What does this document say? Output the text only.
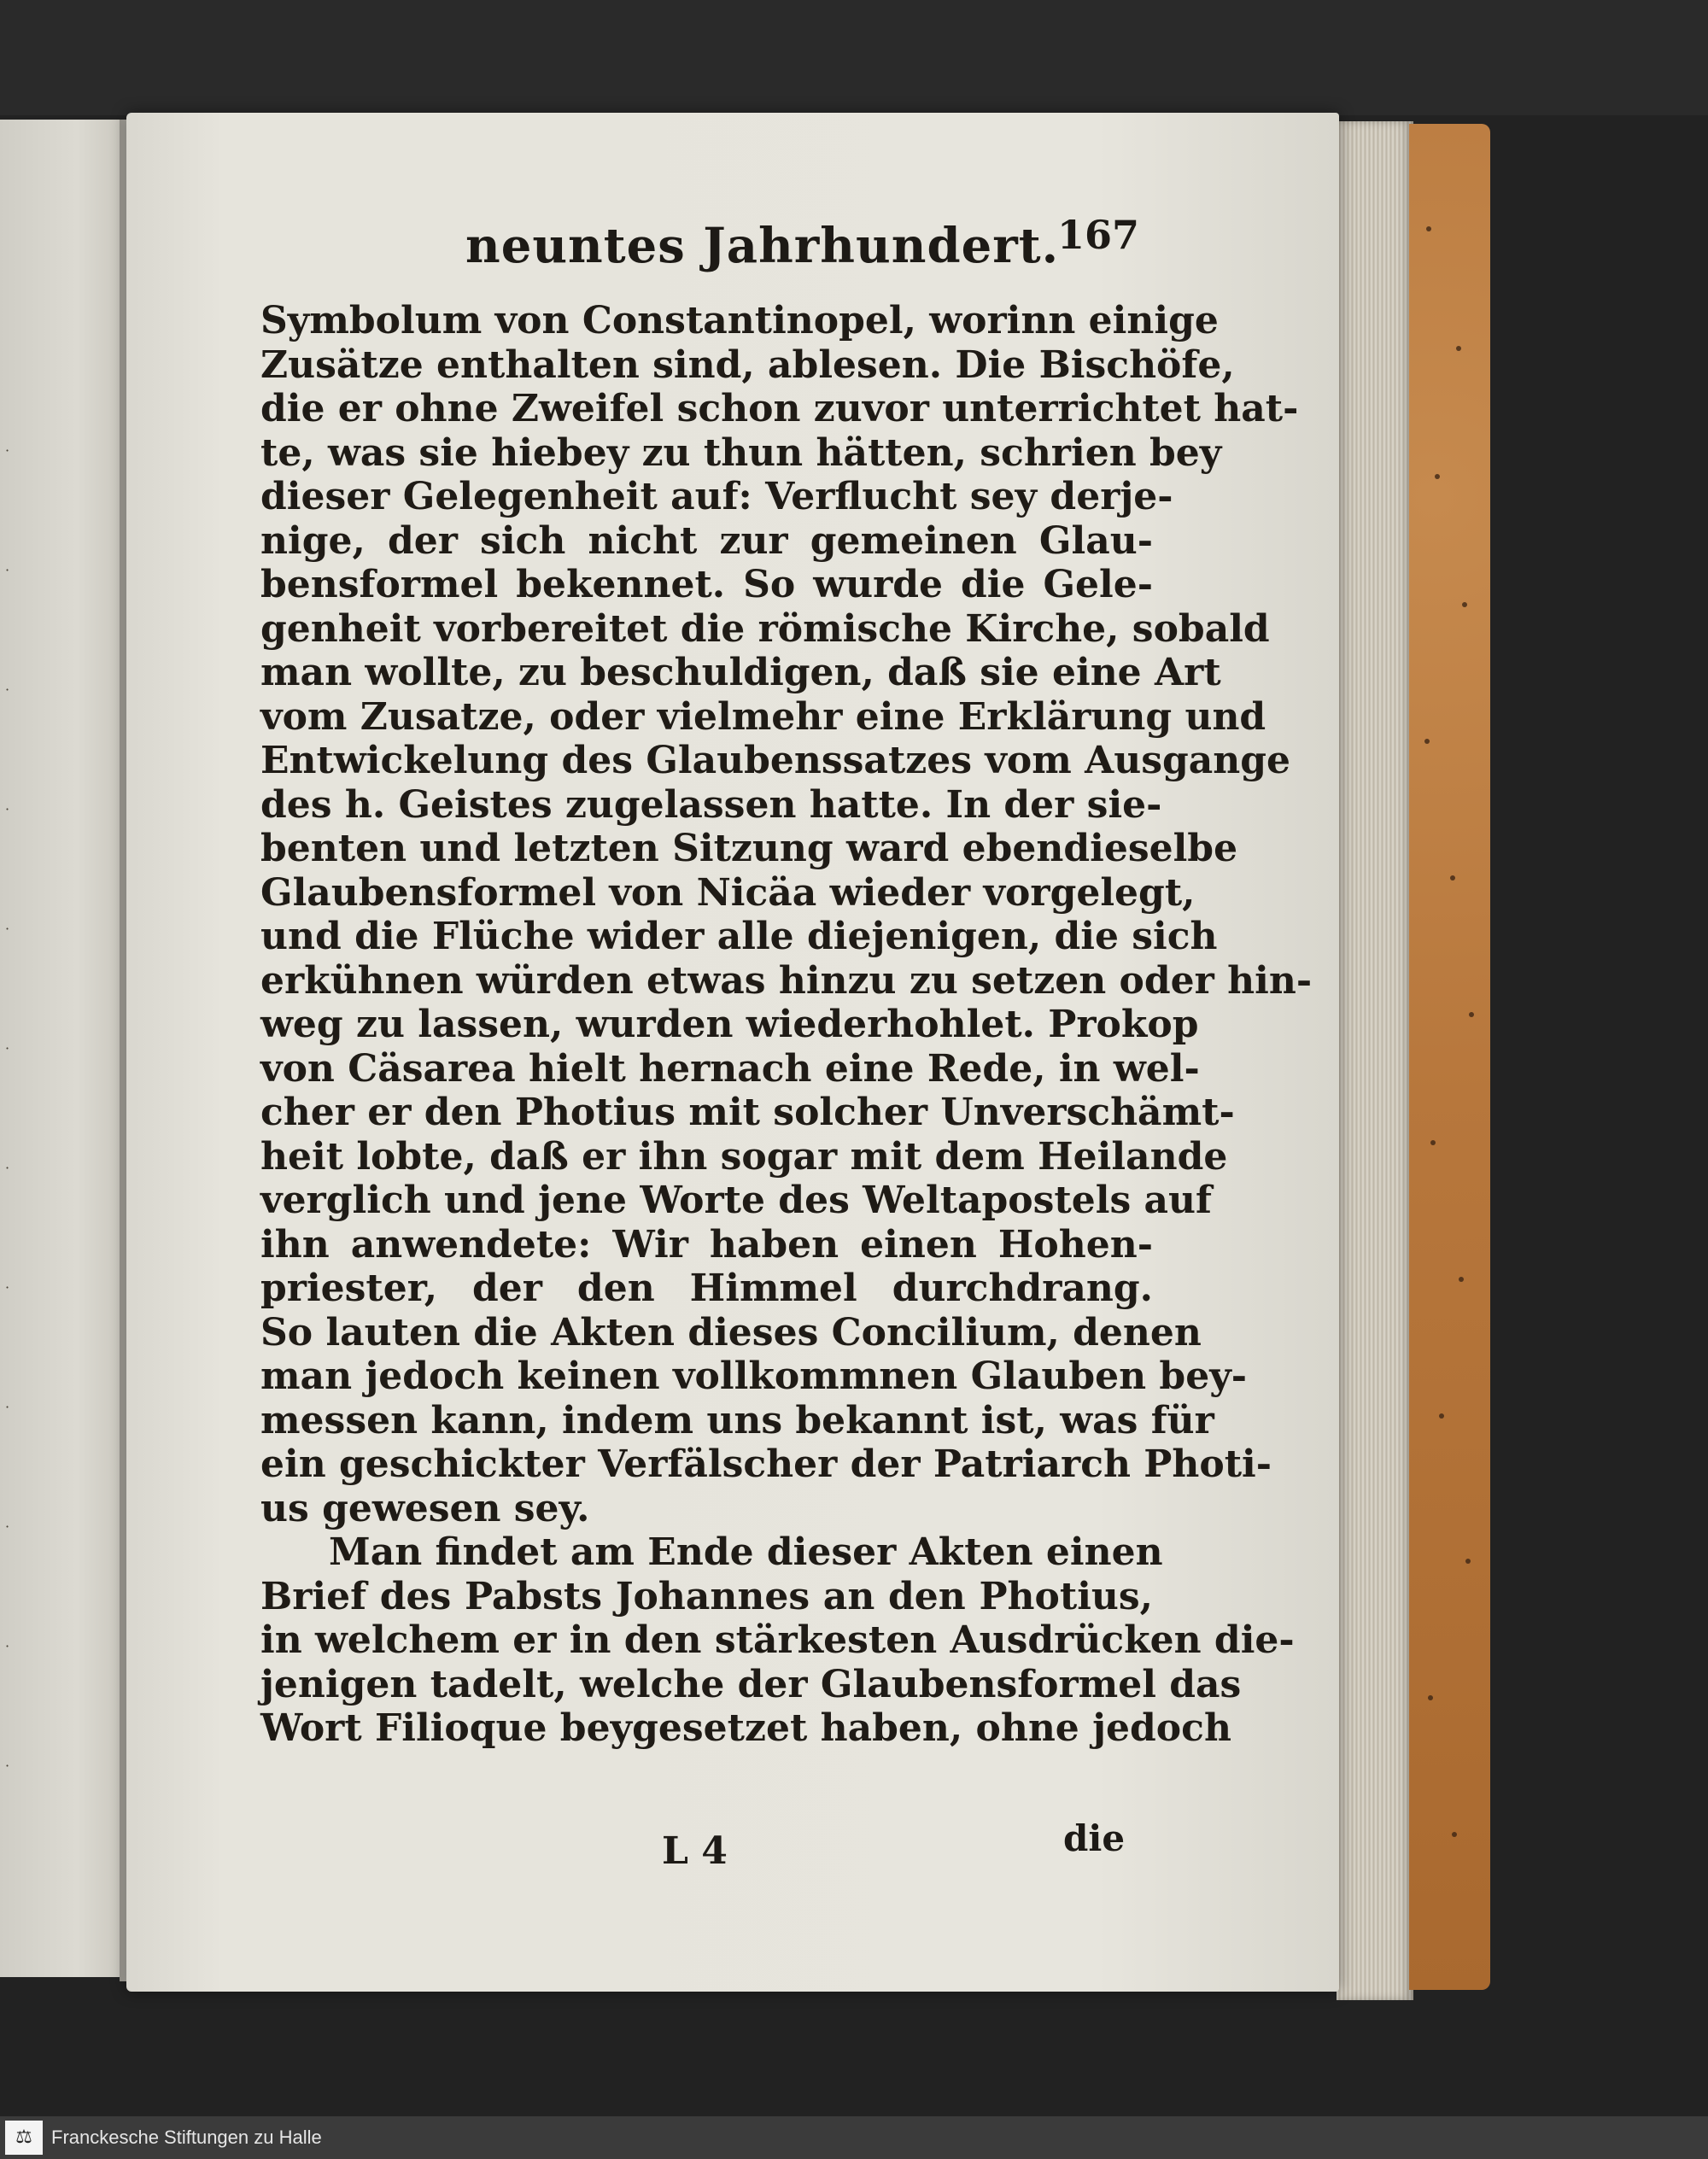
·
·
·
·
·
·
·
·
·
·
·
·
neuntes Jahrhundert.
167
Symbolum von Constantinopel, worinn einige
Zusätze enthalten sind, ablesen. Die Bischöfe,
die er ohne Zweifel schon zuvor unterrichtet hat-
te, was sie hiebey zu thun hätten, schrien bey
dieser Gelegenheit auf: Verflucht sey derje-
nige, der sich nicht zur gemeinen Glau-
bensformel bekennet. So wurde die Gele-
genheit vorbereitet die römische Kirche, sobald
man wollte, zu beschuldigen, daß sie eine Art
vom Zusatze, oder vielmehr eine Erklärung und
Entwickelung des Glaubenssatzes vom Ausgange
des h. Geistes zugelassen hatte. In der sie-
benten und letzten Sitzung ward ebendieselbe
Glaubensformel von Nicäa wieder vorgelegt,
und die Flüche wider alle diejenigen, die sich
erkühnen würden etwas hinzu zu setzen oder hin-
weg zu lassen, wurden wiederhohlet. Prokop
von Cäsarea hielt hernach eine Rede, in wel-
cher er den Photius mit solcher Unverschämt-
heit lobte, daß er ihn sogar mit dem Heilande
verglich und jene Worte des Weltapostels auf
ihn anwendete: Wir haben einen Hohen-
priester, der den Himmel durchdrang.
So lauten die Akten dieses Concilium, denen
man jedoch keinen vollkommnen Glauben bey-
messen kann, indem uns bekannt ist, was für
ein geschickter Verfälscher der Patriarch Photi-
us gewesen sey.
Man findet am Ende dieser Akten einen
Brief des Pabsts Johannes an den Photius,
in welchem er in den stärkesten Ausdrücken die-
jenigen tadelt, welche der Glaubensformel das
Wort Filioque beygesetzet haben, ohne jedoch
L 4	die
⚖	Franckesche Stiftungen zu Halle
